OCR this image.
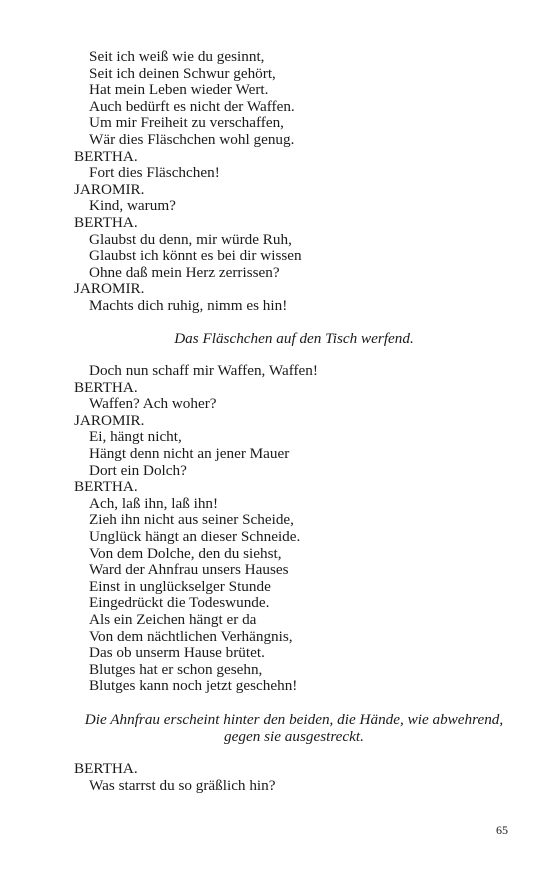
Seit ich weiß wie du gesinnt,
Seit ich deinen Schwur gehört,
Hat mein Leben wieder Wert.
Auch bedürft es nicht der Waffen.
Um mir Freiheit zu verschaffen,
Wär dies Fläschchen wohl genug.
BERTHA.
Fort dies Fläschchen!
JAROMIR.
Kind, warum?
BERTHA.
Glaubst du denn, mir würde Ruh,
Glaubst ich könnt es bei dir wissen
Ohne daß mein Herz zerrissen?
JAROMIR.
Machts dich ruhig, nimm es hin!
Das Fläschchen auf den Tisch werfend.
Doch nun schaff mir Waffen, Waffen!
BERTHA.
Waffen? Ach woher?
JAROMIR.
Ei, hängt nicht,
Hängt denn nicht an jener Mauer
Dort ein Dolch?
BERTHA.
Ach, laß ihn, laß ihn!
Zieh ihn nicht aus seiner Scheide,
Unglück hängt an dieser Schneide.
Von dem Dolche, den du siehst,
Ward der Ahnfrau unsers Hauses
Einst in unglückselger Stunde
Eingedrückt die Todeswunde.
Als ein Zeichen hängt er da
Von dem nächtlichen Verhängnis,
Das ob unserm Hause brütet.
Blutges hat er schon gesehn,
Blutges kann noch jetzt geschehn!
Die Ahnfrau erscheint hinter den beiden, die Hände, wie abwehrend, gegen sie ausgestreckt.
BERTHA.
Was starrst du so gräßlich hin?
65
